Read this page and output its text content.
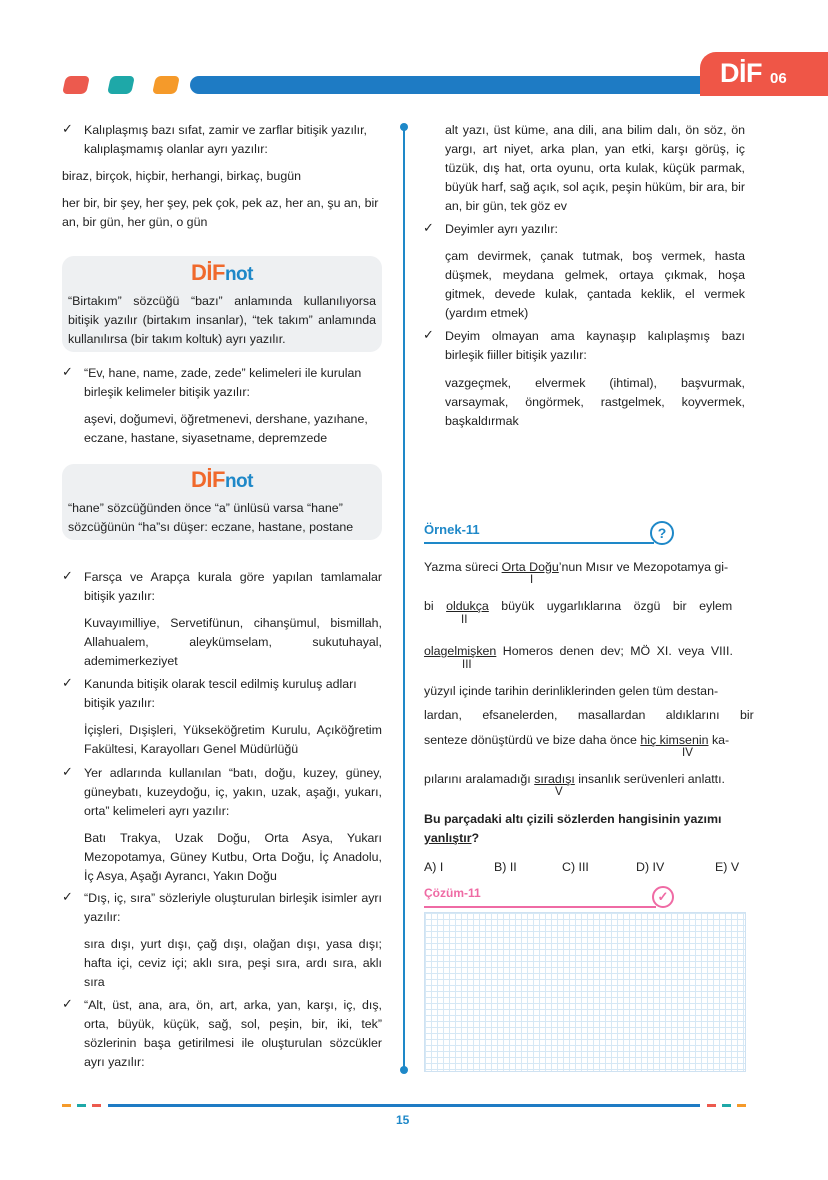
DİF 06
✓ Kalıplaşmış bazı sıfat, zamir ve zarflar bitişik yazılır, kalıplaşmamış olanlar ayrı yazılır:

biraz, birçok, hiçbir, herhangi, birkaç, bugün

her bir, bir şey, her şey, pek çok, pek az, her an, şu an, bir an, bir gün, her gün, o gün

DİFnot

“Birtakım” sözcüğü “bazı” anlamında kullanılıyorsa bitişik yazılır (birtakım insanlar), “tek takım” anlamında kullanılırsa (bir takım koltuk) ayrı yazılır.

✓ “Ev, hane, name, zade, zede” kelimeleri ile kurulan birleşik kelimeler bitişik yazılır:

aşevi, doğumevi, öğretmenevi, dershane, yazıhane, eczane, hastane, siyasetname, depremzede

DİFnot

“hane” sözcüğünden önce “a” ünlüsü varsa “hane” sözcüğünün “ha”sı düşer: eczane, hastane, postane

✓ Farsça ve Arapça kurala göre yapılan tamlamalar bitişik yazılır:

Kuvayımilliye, Servetifünun, cihanşümul, bismillah, Allahualem, aleykümselam, sukutuhayal, ademimerkeziyet

✓ Kanunda bitişik olarak tescil edilmiş kuruluş adları bitişik yazılır:

İçişleri, Dışişleri, Yükseköğretim Kurulu, Açıköğretim Fakültesi, Karayolları Genel Müdürlüğü

✓ Yer adlarında kullanılan “batı, doğu, kuzey, güney, güneybatı, kuzeydoğu, iç, yakın, uzak, aşağı, yukarı, orta” kelimeleri ayrı yazılır:

Batı Trakya, Uzak Doğu, Orta Asya, Yukarı Mezopotamya, Güney Kutbu, Orta Doğu, İç Anadolu, İç Asya, Aşağı Ayrancı, Yakın Doğu

✓ “Dış, iç, sıra” sözleriyle oluşturulan birleşik isimler ayrı yazılır:

sıra dışı, yurt dışı, çağ dışı, olağan dışı, yasa dışı; hafta içi, ceviz içi; aklı sıra, peşi sıra, ardı sıra, aklı sıra

✓ “Alt, üst, ana, ara, ön, art, arka, yan, karşı, iç, dış, orta, büyük, küçük, sağ, sol, peşin, bir, iki, tek” sözlerinin başa getirilmesi ile oluşturulan sözcükler ayrı yazılır:

alt yazı, üst küme, ana dili, ana bilim dalı, ön söz, ön yargı, art niyet, arka plan, yan etki, karşı görüş, iç tüzük, dış hat, orta oyunu, orta kulak, küçük parmak, büyük harf, sağ açık, sol açık, peşin hüküm, bir ara, bir an, bir gün, tek göz ev

✓ Deyimler ayrı yazılır:

çam devirmek, çanak tutmak, boş vermek, hasta düşmek, meydana gelmek, ortaya çıkmak, hoşa gitmek, devede kulak, çantada keklik, el vermek (yardım etmek)

✓ Deyim olmayan ama kaynaşıp kalıplaşmış bazı birleşik fiiller bitişik yazılır:

vazgeçmek, elvermek (ihtimal), başvurmak, varsaymak, öngörmek, rastgelmek, koyvermek, başkaldırmak

Örnek-11	?
Yazma süreci Orta Doğu’nun Mısır ve Mezopotamya gi-
I
bi oldukça büyük uygarlıklarına özgü bir eylem
II
olagelmişken Homeros denen dev; MÖ XI. veya VIII.
III
yüzyıl içinde tarihin derinliklerinden gelen tüm destan-
lardan, efsanelerden, masallardan aldıklarını bir
senteze dönüştürdü ve bize daha önce hiç kimsenin ka-
IV
pılarını aralamadığı sıradışı insanlık serüvenleri anlattı.
V
Bu parçadaki altı çizili sözlerden hangisinin yazımı yanlıştır?
A) I	B) II	C) III	D) IV	E) V
Çözüm-11	✓
15
